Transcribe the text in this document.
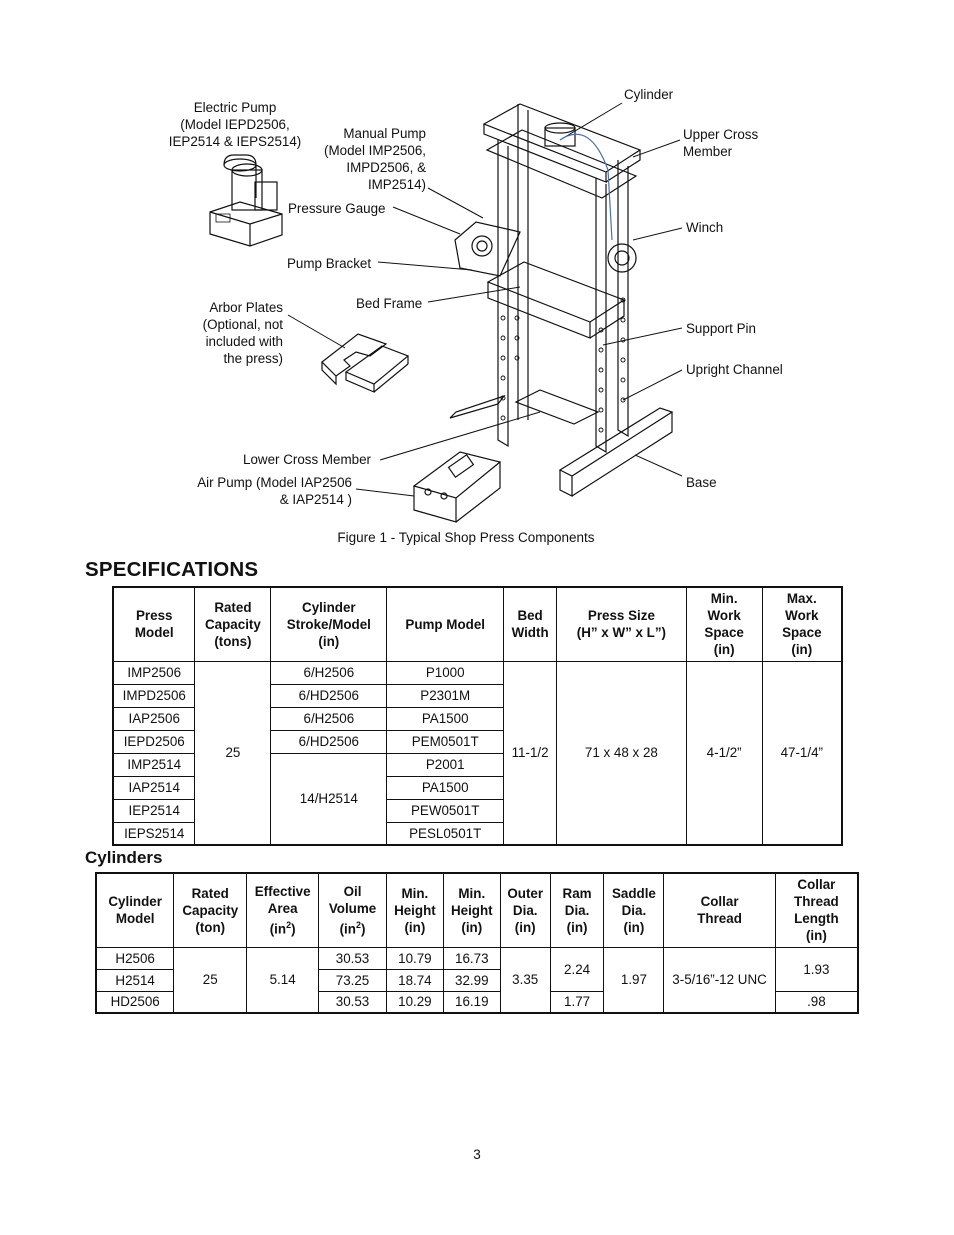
Cylinder
Upper Cross
Member
Electric Pump
(Model IEPD2506,
IEP2514 & IEPS2514)
Manual Pump
(Model IMP2506,
IMPD2506, &
IMP2514)
Pressure Gauge
Winch
Pump Bracket
Bed Frame
Arbor Plates
(Optional, not
included with
the press)
Support Pin
Upright Channel
Lower Cross Member
Air Pump (Model IAP2506
& IAP2514 )
Base
Figure 1 - Typical Shop Press Components
SPECIFICATIONS
Press
Model	Rated
Capacity
(tons)	Cylinder
Stroke/Model
(in)	Pump Model	Bed
Width	Press Size
(H” x W” x L”)	Min.
Work
Space
(in)	Max.
Work
Space
(in)
IMP2506	25	6/H2506	P1000	11-1/2	71 x 48 x 28	4-1/2”	47-1/4”
IMPD2506		6/HD2506	P2301M				
IAP2506		6/H2506	PA1500				
IEPD2506		6/HD2506	PEM0501T				
IMP2514		14/H2514	P2001				
IAP2514			PA1500				
IEP2514			PEW0501T				
IEPS2514			PESL0501T				
Cylinders
Cylinder
Model	Rated
Capacity
(ton)	Effective
Area
$(in^2)$	Oil
Volume
$(in^2)$	Min.
Height
(in)	Min.
Height
(in)	Outer
Dia.
(in)	Ram
Dia.
(in)	Saddle
Dia.
(in)	Collar
Thread	Collar
Thread
Length
(in)
H2506	25	5.14	30.53	10.79	16.73	3.35	2.24	1.97	3-5/16”-12 UNC	1.93
H2514			73.25	18.74	32.99					
HD2506			30.53	10.29	16.19		1.77			.98
3
